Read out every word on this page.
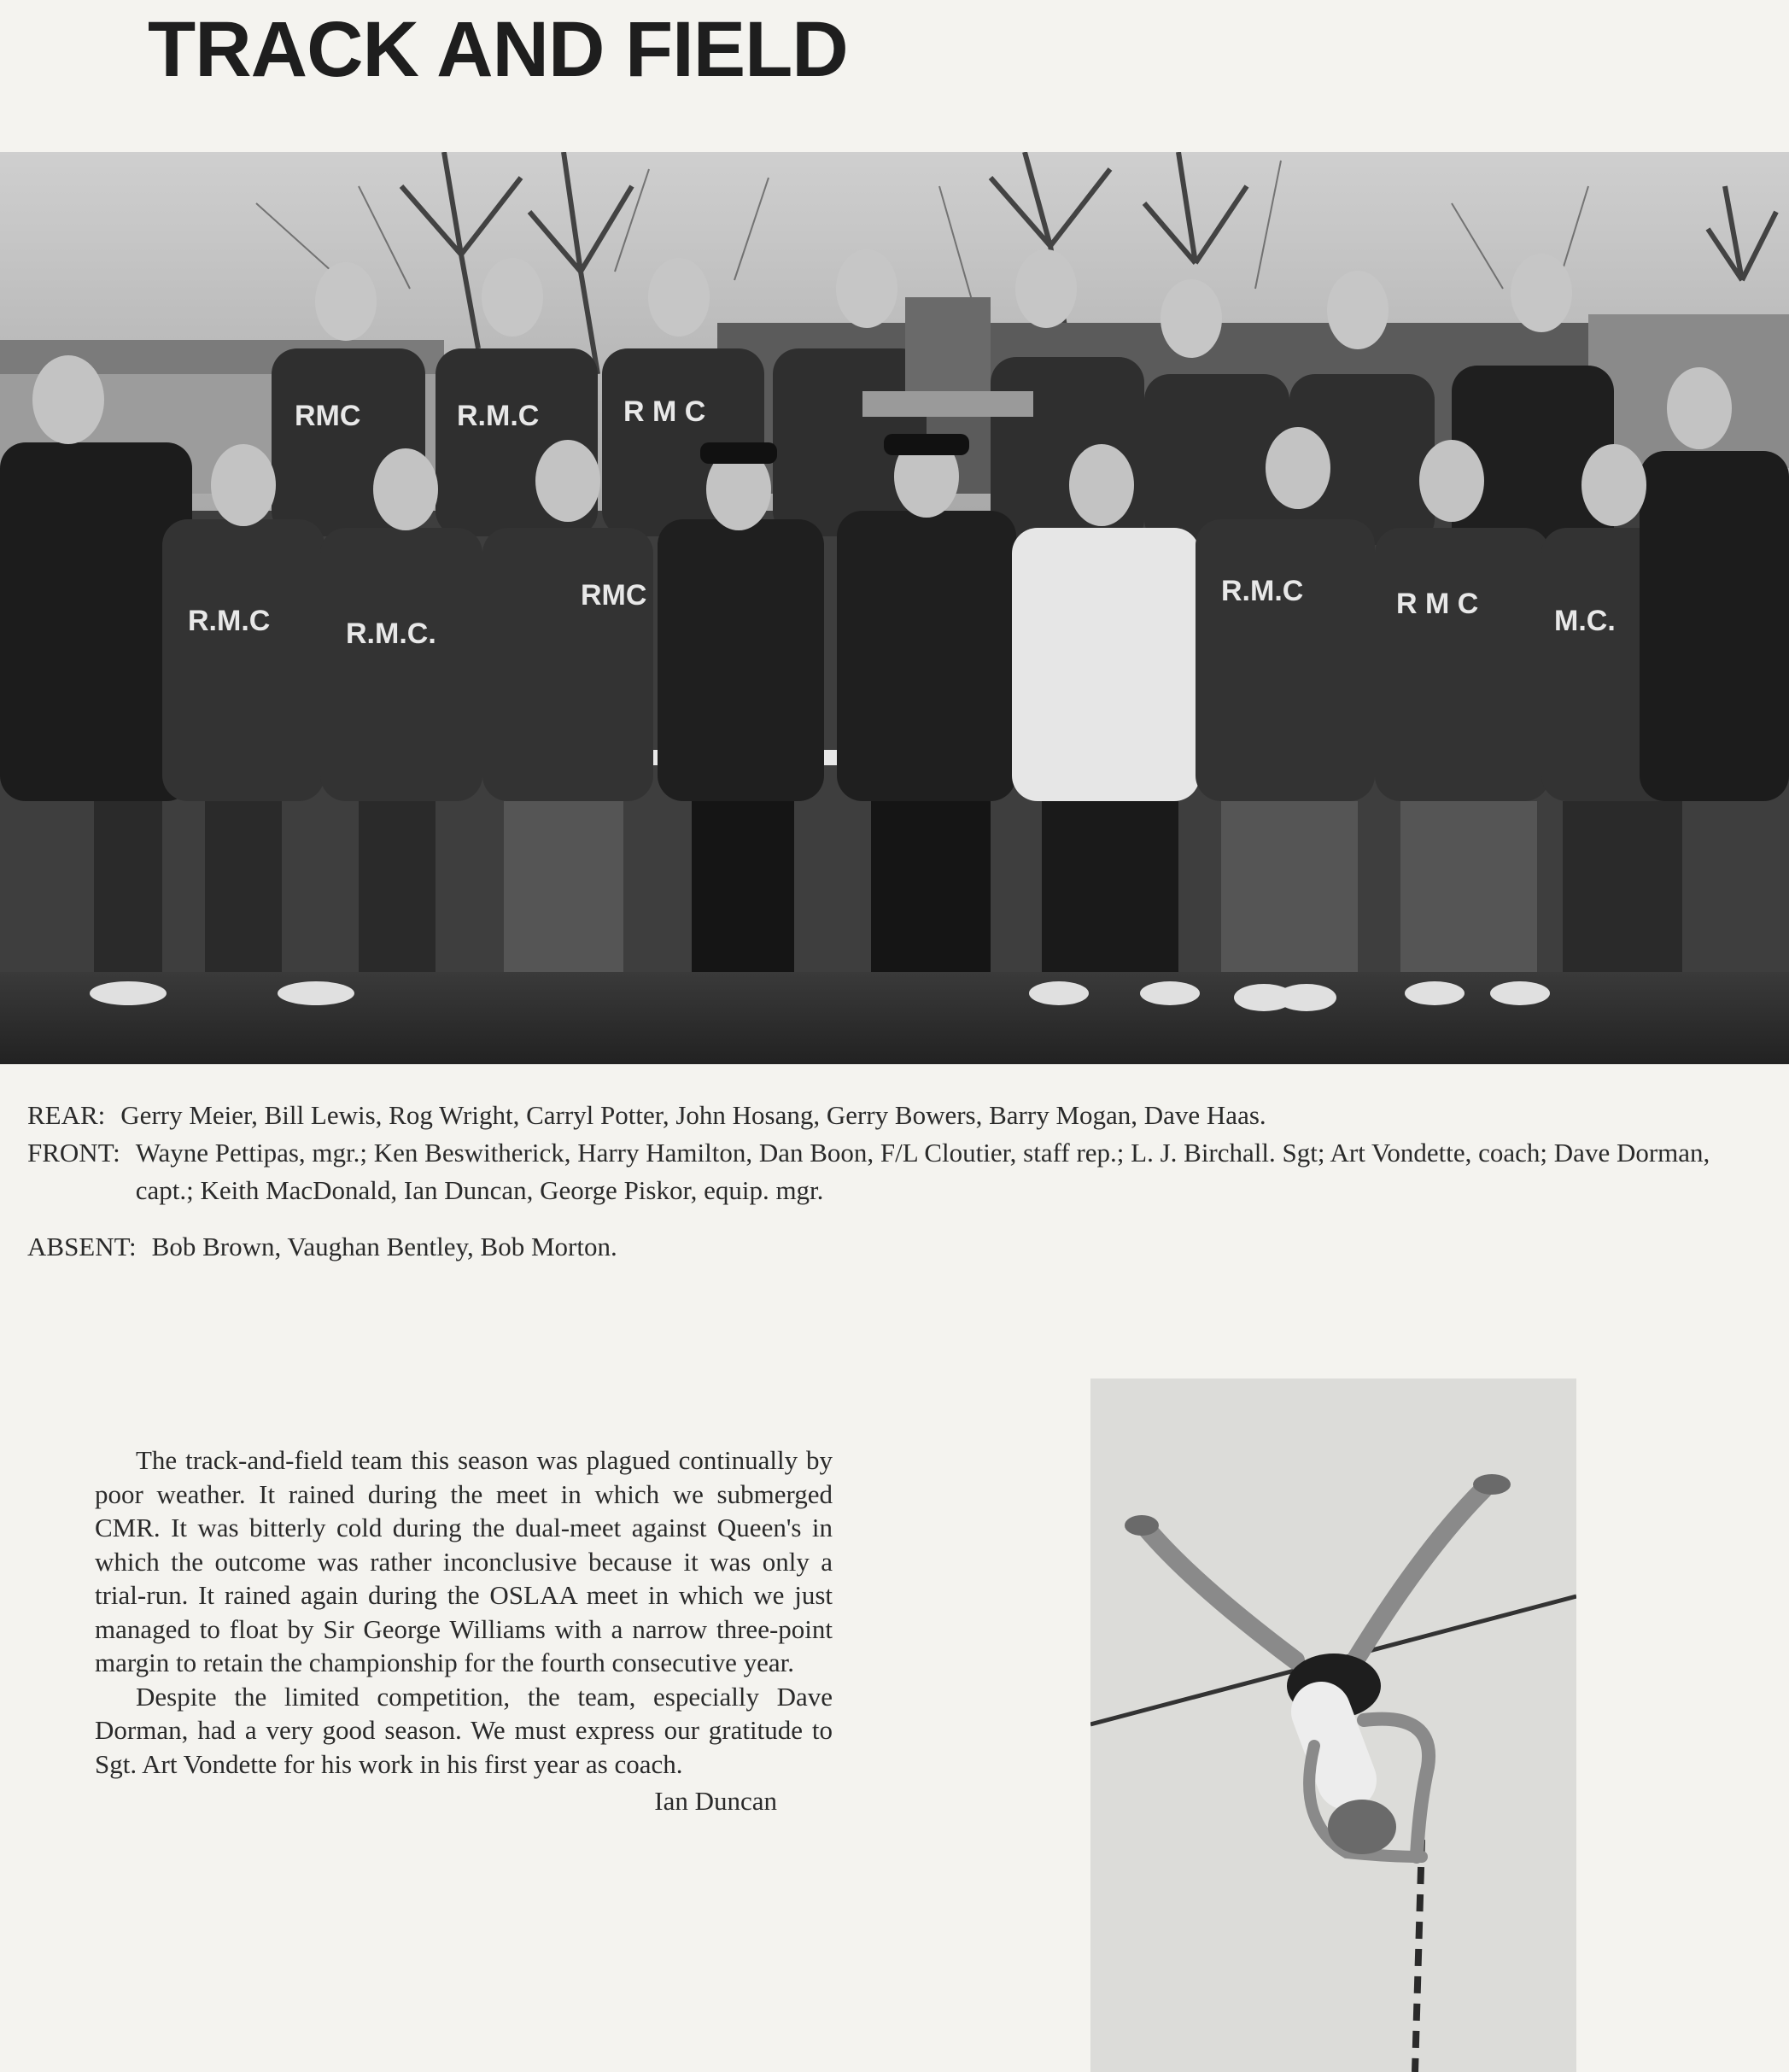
TRACK AND FIELD
RMC	R.M.C	R M C
R.M.C	R.M.C.
RMC	R.M.C	R M C
M.C.
REAR: Gerry Meier, Bill Lewis, Rog Wright, Carryl Potter, John Hosang, Gerry Bowers, Barry Mogan, Dave Haas.
FRONT: Wayne Pettipas, mgr.; Ken Beswitherick, Harry Hamilton, Dan Boon, F/L Cloutier, staff rep.; L. J. Birchall. Sgt; Art Vondette, coach; Dave Dorman, capt.; Keith MacDonald, Ian Duncan, George Piskor, equip. mgr.
ABSENT: Bob Brown, Vaughan Bentley, Bob Morton.

The track-and-field team this season was plagued continually by poor weather. It rained during the meet in which we submerged CMR. It was bitterly cold during the dual-meet against Queen's in which the outcome was rather inconclusive because it was only a trial-run. It rained again during the OSLAA meet in which we just managed to float by Sir George Williams with a narrow three-point margin to retain the championship for the fourth consecutive year.

Despite the limited competition, the team, especially Dave Dorman, had a very good season. We must express our gratitude to Sgt. Art Vondette for his work in his first year as coach.

Ian Duncan
